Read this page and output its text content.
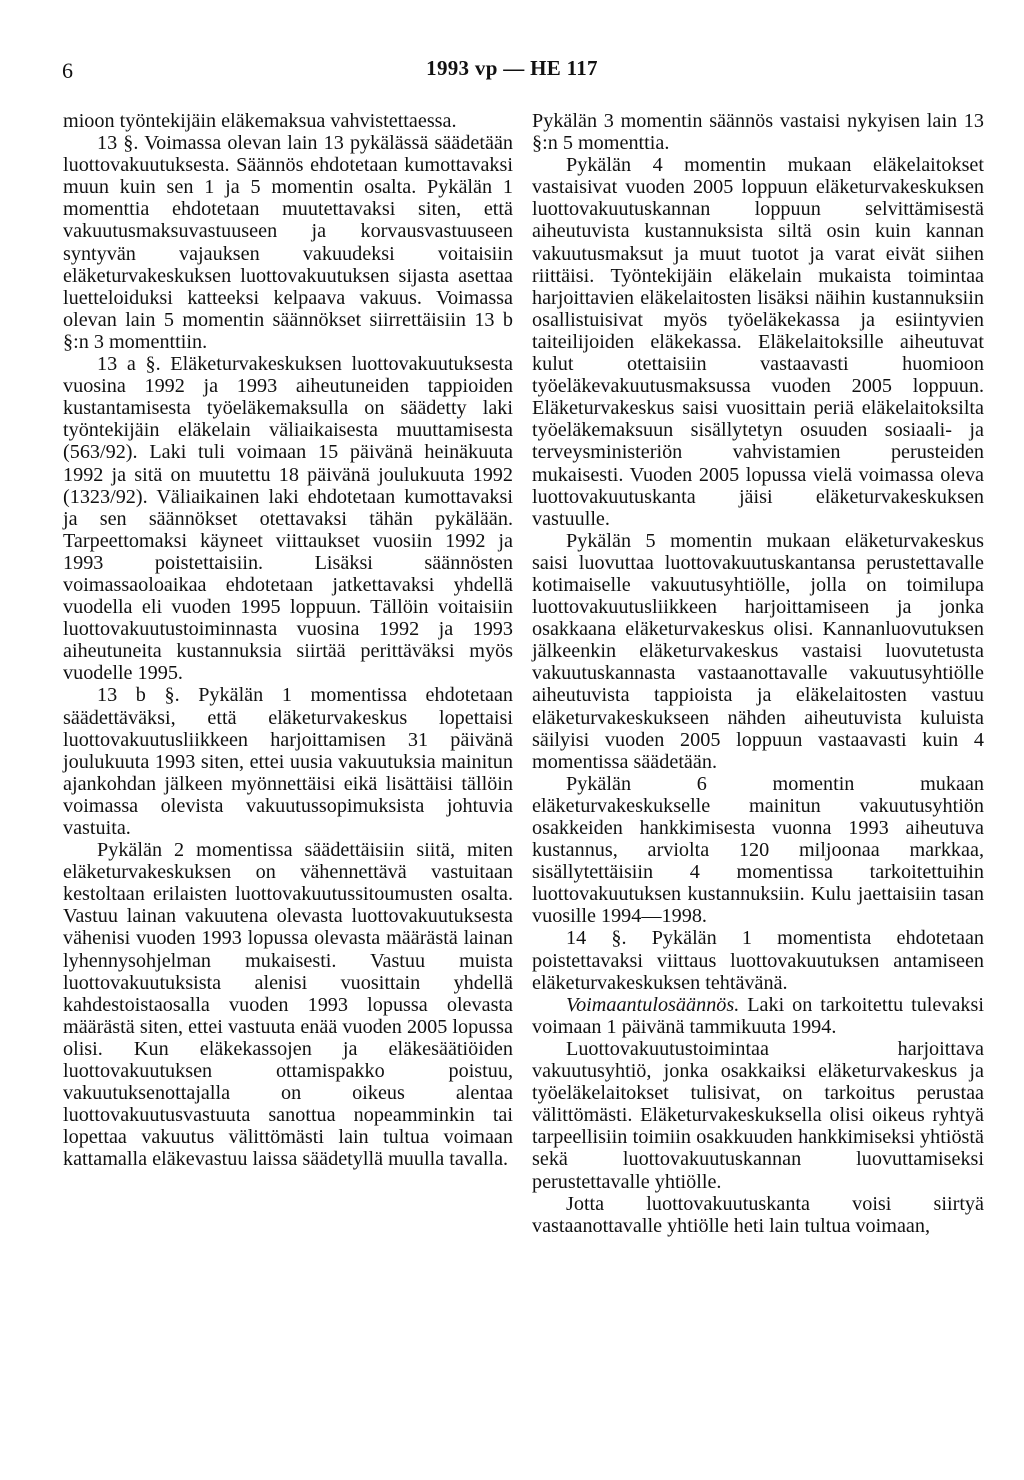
6	1993 vp — HE 117

mioon työntekijäin eläkemaksua vahvistettaessa.

13 §. Voimassa olevan lain 13 pykälässä säädetään luottovakuutuksesta. Säännös ehdotetaan kumottavaksi muun kuin sen 1 ja 5 momentin osalta. Pykälän 1 momenttia ehdotetaan muutettavaksi siten, että vakuutusmaksuvastuuseen ja korvausvastuuseen syntyvän vajauksen vakuudeksi voitaisiin eläketurvakeskuksen luottovakuutuksen sijasta asettaa luetteloiduksi katteeksi kelpaava vakuus. Voimassa olevan lain 5 momentin säännökset siirrettäisiin 13 b §:n 3 momenttiin.

13 a §. Eläketurvakeskuksen luottovakuutuksesta vuosina 1992 ja 1993 aiheutuneiden tappioiden kustantamisesta työeläkemaksulla on säädetty laki työntekijäin eläkelain väliaikaisesta muuttamisesta (563/92). Laki tuli voimaan 15 päivänä heinäkuuta 1992 ja sitä on muutettu 18 päivänä joulukuuta 1992 (1323/92). Väliaikainen laki ehdotetaan kumottavaksi ja sen säännökset otettavaksi tähän pykälään. Tarpeettomaksi käyneet viittaukset vuosiin 1992 ja 1993 poistettaisiin. Lisäksi säännösten voimassaoloaikaa ehdotetaan jatkettavaksi yhdellä vuodella eli vuoden 1995 loppuun. Tällöin voitaisiin luottovakuutustoiminnasta vuosina 1992 ja 1993 aiheutuneita kustannuksia siirtää perittäväksi myös vuodelle 1995.

13 b §. Pykälän 1 momentissa ehdotetaan säädettäväksi, että eläketurvakeskus lopettaisi luottovakuutusliikkeen harjoittamisen 31 päivänä joulukuuta 1993 siten, ettei uusia vakuutuksia mainitun ajankohdan jälkeen myönnettäisi eikä lisättäisi tällöin voimassa olevista vakuutussopimuksista johtuvia vastuita.

Pykälän 2 momentissa säädettäisiin siitä, miten eläketurvakeskuksen on vähennettävä vastuitaan kestoltaan erilaisten luottovakuutussitoumusten osalta. Vastuu lainan vakuutena olevasta luottovakuutuksesta vähenisi vuoden 1993 lopussa olevasta määrästä lainan lyhennysohjelman mukaisesti. Vastuu muista luottovakuutuksista alenisi vuosittain yhdellä kahdestoistaosalla vuoden 1993 lopussa olevasta määrästä siten, ettei vastuuta enää vuoden 2005 lopussa olisi. Kun eläkekassojen ja eläkesäätiöiden luottovakuutuksen ottamispakko poistuu, vakuutuksenottajalla on oikeus alentaa luottovakuutusvastuuta sanottua nopeamminkin tai lopettaa vakuutus välittömästi lain tultua voimaan kattamalla eläkevastuu laissa säädetyllä muulla tavalla.

Pykälän 3 momentin säännös vastaisi nykyisen lain 13 §:n 5 momenttia.

Pykälän 4 momentin mukaan eläkelaitokset vastaisivat vuoden 2005 loppuun eläketurvakeskuksen luottovakuutuskannan loppuun selvittämisestä aiheutuvista kustannuksista siltä osin kuin kannan vakuutusmaksut ja muut tuotot ja varat eivät siihen riittäisi. Työntekijäin eläkelain mukaista toimintaa harjoittavien eläkelaitosten lisäksi näihin kustannuksiin osallistuisivat myös työeläkekassa ja esiintyvien taiteilijoiden eläkekassa. Eläkelaitoksille aiheutuvat kulut otettaisiin vastaavasti huomioon työeläkevakuutusmaksussa vuoden 2005 loppuun. Eläketurvakeskus saisi vuosittain periä eläkelaitoksilta työeläkemaksuun sisällytetyn osuuden sosiaali- ja terveysministeriön vahvistamien perusteiden mukaisesti. Vuoden 2005 lopussa vielä voimassa oleva luottovakuutuskanta jäisi eläketurvakeskuksen vastuulle.

Pykälän 5 momentin mukaan eläketurvakeskus saisi luovuttaa luottovakuutuskantansa perustettavalle kotimaiselle vakuutusyhtiölle, jolla on toimilupa luottovakuutusliikkeen harjoittamiseen ja jonka osakkaana eläketurvakeskus olisi. Kannanluovutuksen jälkeenkin eläketurvakeskus vastaisi luovutetusta vakuutuskannasta vastaanottavalle vakuutusyhtiölle aiheutuvista tappioista ja eläkelaitosten vastuu eläketurvakeskukseen nähden aiheutuvista kuluista säilyisi vuoden 2005 loppuun vastaavasti kuin 4 momentissa säädetään.

Pykälän 6 momentin mukaan eläketurvakeskukselle mainitun vakuutusyhtiön osakkeiden hankkimisesta vuonna 1993 aiheutuva kustannus, arviolta 120 miljoonaa markkaa, sisällytettäisiin 4 momentissa tarkoitettuihin luottovakuutuksen kustannuksiin. Kulu jaettaisiin tasan vuosille 1994—1998.

14 §. Pykälän 1 momentista ehdotetaan poistettavaksi viittaus luottovakuutuksen antamiseen eläketurvakeskuksen tehtävänä.

Voimaantulosäännös. Laki on tarkoitettu tulevaksi voimaan 1 päivänä tammikuuta 1994.

Luottovakuutustoimintaa harjoittava vakuutusyhtiö, jonka osakkaiksi eläketurvakeskus ja työeläkelaitokset tulisivat, on tarkoitus perustaa välittömästi. Eläketurvakeskuksella olisi oikeus ryhtyä tarpeellisiin toimiin osakkuuden hankkimiseksi yhtiöstä sekä luottovakuutuskannan luovuttamiseksi perustettavalle yhtiölle.

Jotta luottovakuutuskanta voisi siirtyä vastaanottavalle yhtiölle heti lain tultua voimaan,
